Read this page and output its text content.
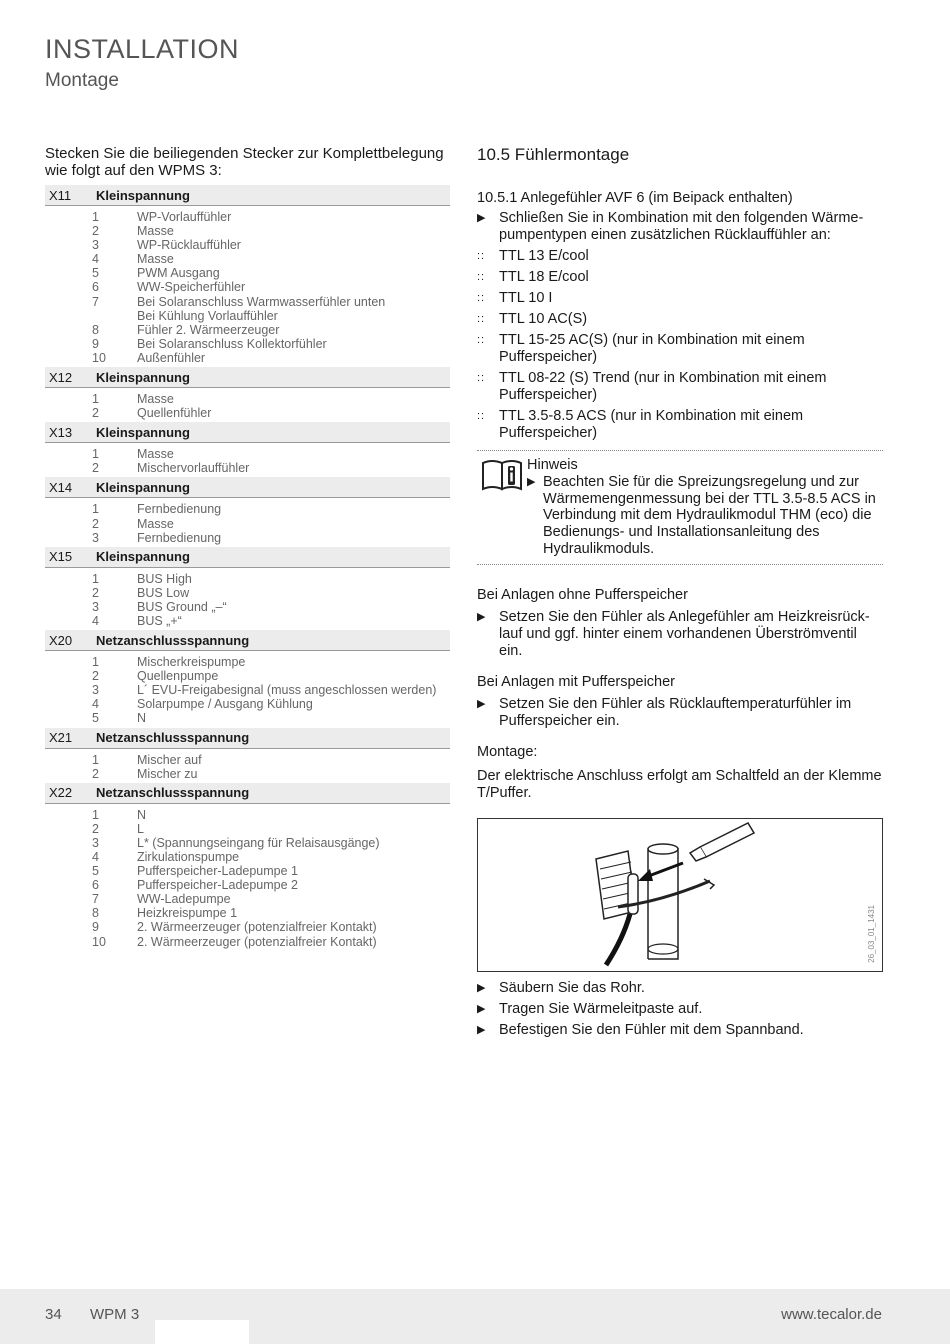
INSTALLATION
Montage

Stecken Sie die beiliegenden Stecker zur Komplettbelegung wie folgt auf den WPMS 3:

X11	Kleinspannung
1	WP-Vorlauffühler
2	Masse
3	WP-Rücklauffühler
4	Masse
5	PWM Ausgang
6	WW-Speicherfühler
7	Bei Solaranschluss Warmwasserfühler unten
Bei Kühlung Vorlauffühler
8	Fühler 2. Wärmeerzeuger
9	Bei Solaranschluss Kollektorfühler
10	Außenfühler
X12	Kleinspannung
1	Masse
2	Quellenfühler
X13	Kleinspannung
1	Masse
2	Mischervorlauffühler
X14	Kleinspannung
1	Fernbedienung
2	Masse
3	Fernbedienung
X15	Kleinspannung
1	BUS High
2	BUS Low
3	BUS Ground „–“
4	BUS „+“
X20	Netzanschlussspannung
1	Mischerkreispumpe
2	Quellenpumpe
3	L´ EVU-Freigabesignal (muss angeschlossen werden)
4	Solarpumpe / Ausgang Kühlung
5	N
X21	Netzanschlussspannung
1	Mischer auf
2	Mischer zu
X22	Netzanschlussspannung
1	N
2	L
3	L* (Spannungseingang für Relaisausgänge)
4	Zirkulationspumpe
5	Pufferspeicher-Ladepumpe 1
6	Pufferspeicher-Ladepumpe 2
7	WW-Ladepumpe
8	Heizkreispumpe 1
9	2. Wärmeerzeuger (potenzialfreier Kontakt)
10	2. Wärmeerzeuger (potenzialfreier Kontakt)
10.5 Fühlermontage
10.5.1 Anlegefühler AVF 6 (im Beipack enthalten)
▶ Schließen Sie in Kombination mit den folgenden Wärmepumpentypen einen zusätzlichen Rücklauffühler an:
:: TTL 13 E/cool
:: TTL 18 E/cool
:: TTL 10 I
:: TTL 10 AC(S)
:: TTL 15-25 AC(S) (nur in Kombination mit einem Pufferspeicher)
:: TTL 08-22 (S) Trend (nur in Kombination mit einem Pufferspeicher)
:: TTL 3.5-8.5 ACS (nur in Kombination mit einem Pufferspeicher)
Hinweis
▶ Beachten Sie für die Spreizungsregelung und zur Wärmemengenmessung bei der TTL 3.5-8.5 ACS in Verbindung mit dem Hydraulikmodul THM (eco) die Bedienungs- und Installationsanleitung des Hydraulikmoduls.
Bei Anlagen ohne Pufferspeicher
▶ Setzen Sie den Fühler als Anlegefühler am Heizkreisrücklauf und ggf. hinter einem vorhandenen Überströmventil ein.
Bei Anlagen mit Pufferspeicher
▶ Setzen Sie den Fühler als Rücklauftemperaturfühler im Pufferspeicher ein.
Montage:
Der elektrische Anschluss erfolgt am Schaltfeld an der Klemme T/Puffer.
26_03_01_1431
▶ Säubern Sie das Rohr.
▶ Tragen Sie Wärmeleitpaste auf.
▶ Befestigen Sie den Fühler mit dem Spannband.
34 WPM 3	www.tecalor.de
